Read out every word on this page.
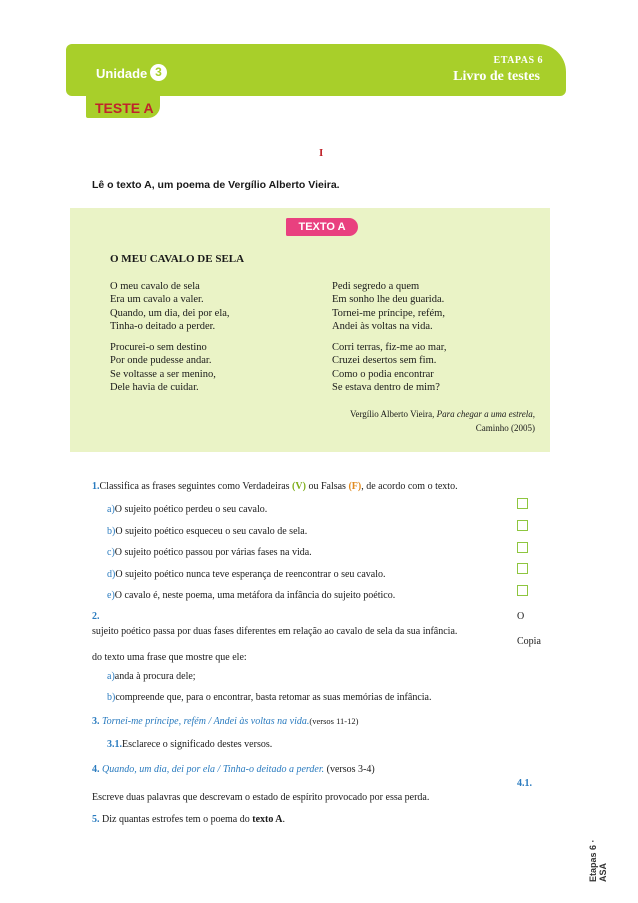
Unidade 3
ETAPAS 6
Livro de testes
TESTE A
I
Lê o texto A, um poema de Vergílio Alberto Vieira.
TEXTO A
O MEU CAVALO DE SELA
O meu cavalo de sela
Era um cavalo a valer.
Quando, um dia, dei por ela,
Tinha-o deitado a perder.
Procurei-o sem destino
Por onde pudesse andar.
Se voltasse a ser menino,
Dele havia de cuidar.
Pedi segredo a quem
Em sonho lhe deu guarida.
Tornei-me príncipe, refém,
Andei às voltas na vida.
Corri terras, fiz-me ao mar,
Cruzei desertos sem fim.
Como o podia encontrar
Se estava dentro de mim?
Vergílio Alberto Vieira, Para chegar a uma estrela,
Caminho (2005)
1.Classifica as frases seguintes como Verdadeiras (V) ou Falsas (F), de acordo com o texto.
a)O sujeito poético perdeu o seu cavalo.
b)O sujeito poético esqueceu o seu cavalo de sela.
c)O sujeito poético passou por várias fases na vida.
d)O sujeito poético nunca teve esperança de reencontrar o seu cavalo.
e)O cavalo é, neste poema, uma metáfora da infância do sujeito poético.
2.	O
sujeito poético passa por duas fases diferentes em relação ao cavalo de sela da sua infância.
Copia
do texto uma frase que mostre que ele:
a)anda à procura dele;
b)compreende que, para o encontrar, basta retomar as suas memórias de infância.
3. Tornei-me príncipe, refém / Andei às voltas na vida.(versos 11-12)
3.1.Esclarece o significado destes versos.
4. Quando, um dia, dei por ela / Tinha-o deitado a perder. (versos 3-4)
4.1.
Escreve duas palavras que descrevam o estado de espírito provocado por essa perda.
5. Diz quantas estrofes tem o poema do texto A.
Etapas 6 · ASA
